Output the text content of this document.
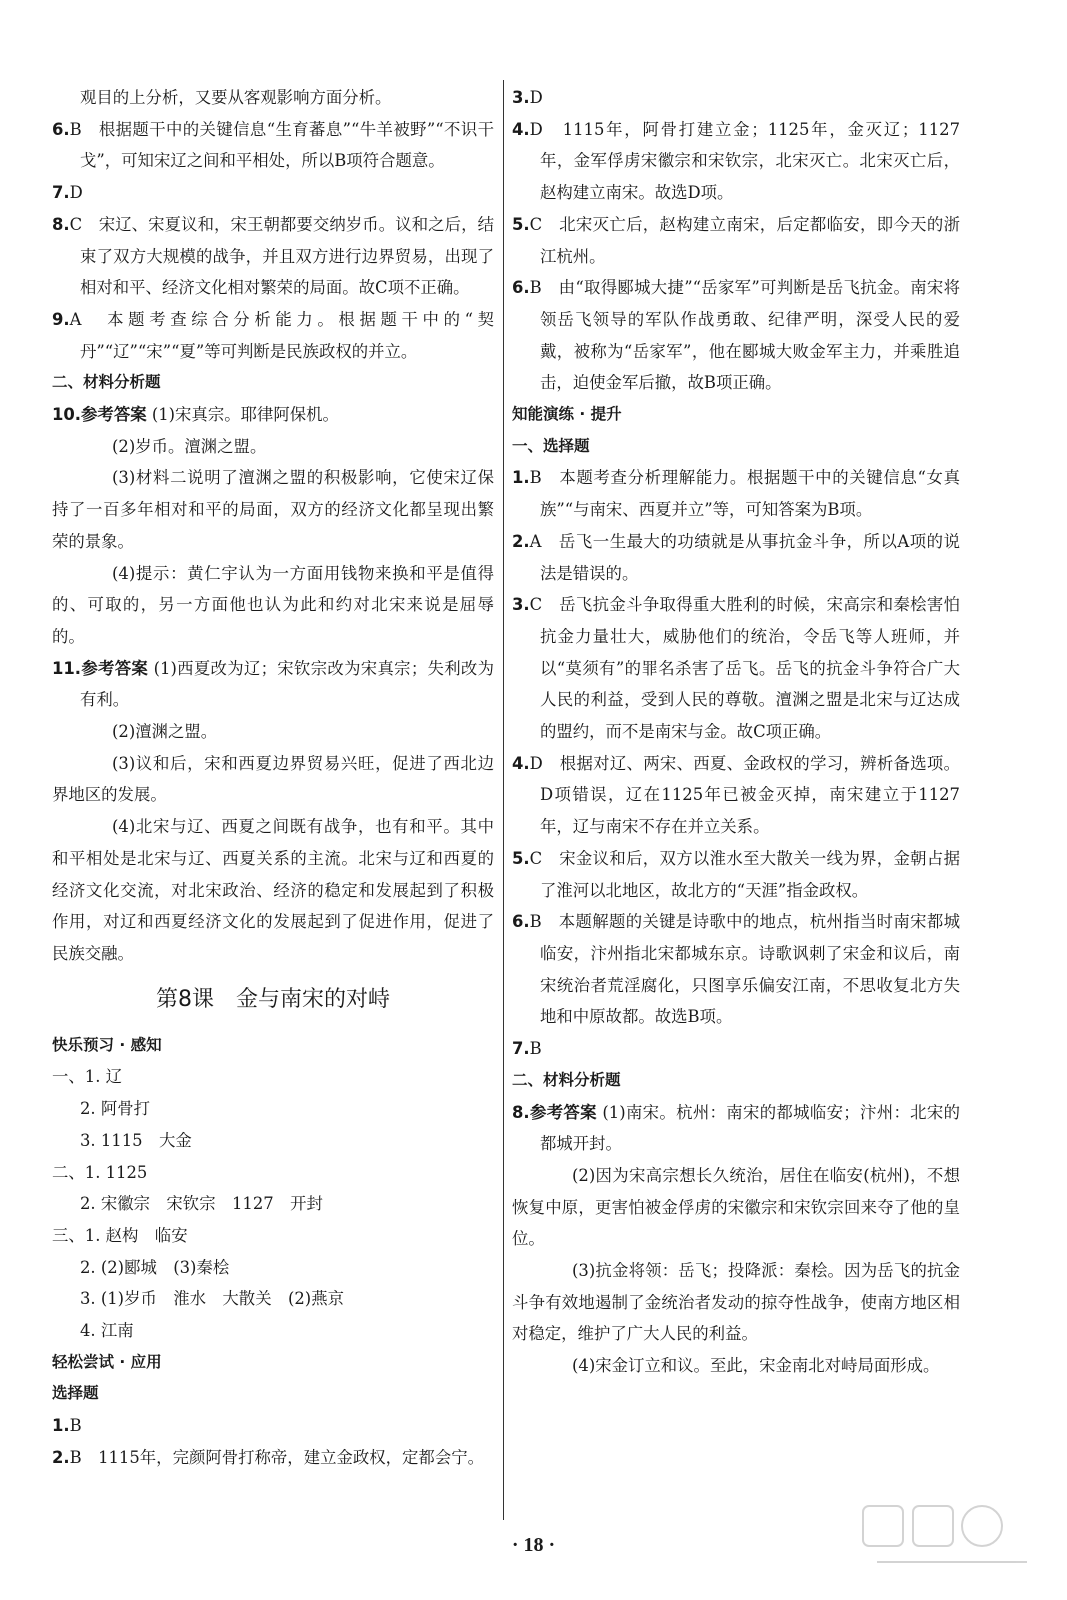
观目的上分析，又要从客观影响方面分析。

6.B　根据题干中的关键信息“生育蕃息”“牛羊被野”“不识干戈”，可知宋辽之间和平相处，所以B项符合题意。

7.D

8.C　宋辽、宋夏议和，宋王朝都要交纳岁币。议和之后，结束了双方大规模的战争，并且双方进行边界贸易，出现了相对和平、经济文化相对繁荣的局面。故C项不正确。

9.A　本题考查综合分析能力。根据题干中的“契丹”“辽”“宋”“夏”等可判断是民族政权的并立。

二、材料分析题

10.参考答案 (1)宋真宗。耶律阿保机。

(2)岁币。澶渊之盟。

(3)材料二说明了澶渊之盟的积极影响，它使宋辽保持了一百多年相对和平的局面，双方的经济文化都呈现出繁荣的景象。

(4)提示：黄仁宇认为一方面用钱物来换和平是值得的、可取的，另一方面他也认为此和约对北宋来说是屈辱的。

11.参考答案 (1)西夏改为辽；宋钦宗改为宋真宗；失利改为有利。

(2)澶渊之盟。

(3)议和后，宋和西夏边界贸易兴旺，促进了西北边界地区的发展。

(4)北宋与辽、西夏之间既有战争，也有和平。其中和平相处是北宋与辽、西夏关系的主流。北宋与辽和西夏的经济文化交流，对北宋政治、经济的稳定和发展起到了积极作用，对辽和西夏经济文化的发展起到了促进作用，促进了民族交融。

第8课　金与南宋的对峙

快乐预习 · 感知

一、1. 辽

2. 阿骨打

3. 1115　大金

二、1. 1125

2. 宋徽宗　宋钦宗　1127　开封

三、1. 赵构　临安

2. (2)郾城　(3)秦桧

3. (1)岁币　淮水　大散关　(2)燕京

4. 江南

轻松尝试 · 应用

选择题

1.B

2.B　1115年，完颜阿骨打称帝，建立金政权，定都会宁。

3.D

4.D　1115年，阿骨打建立金；1125年，金灭辽；1127年，金军俘虏宋徽宗和宋钦宗，北宋灭亡。北宋灭亡后，赵构建立南宋。故选D项。

5.C　北宋灭亡后，赵构建立南宋，后定都临安，即今天的浙江杭州。

6.B　由“取得郾城大捷”“岳家军”可判断是岳飞抗金。南宋将领岳飞领导的军队作战勇敢、纪律严明，深受人民的爱戴，被称为“岳家军”，他在郾城大败金军主力，并乘胜追击，迫使金军后撤，故B项正确。

知能演练 · 提升

一、选择题

1.B　本题考查分析理解能力。根据题干中的关键信息“女真族”“与南宋、西夏并立”等，可知答案为B项。

2.A　岳飞一生最大的功绩就是从事抗金斗争，所以A项的说法是错误的。

3.C　岳飞抗金斗争取得重大胜利的时候，宋高宗和秦桧害怕抗金力量壮大，威胁他们的统治，令岳飞等人班师，并以“莫须有”的罪名杀害了岳飞。岳飞的抗金斗争符合广大人民的利益，受到人民的尊敬。澶渊之盟是北宋与辽达成的盟约，而不是南宋与金。故C项正确。

4.D　根据对辽、两宋、西夏、金政权的学习，辨析备选项。D项错误，辽在1125年已被金灭掉，南宋建立于1127年，辽与南宋不存在并立关系。

5.C　宋金议和后，双方以淮水至大散关一线为界，金朝占据了淮河以北地区，故北方的“天涯”指金政权。

6.B　本题解题的关键是诗歌中的地点，杭州指当时南宋都城临安，汴州指北宋都城东京。诗歌讽刺了宋金和议后，南宋统治者荒淫腐化，只图享乐偏安江南，不思收复北方失地和中原故都。故选B项。

7.B

二、材料分析题

8.参考答案 (1)南宋。杭州：南宋的都城临安；汴州：北宋的都城开封。

(2)因为宋高宗想长久统治，居住在临安(杭州)，不想恢复中原，更害怕被金俘虏的宋徽宗和宋钦宗回来夺了他的皇位。

(3)抗金将领：岳飞；投降派：秦桧。因为岳飞的抗金斗争有效地遏制了金统治者发动的掠夺性战争，使南方地区相对稳定，维护了广大人民的利益。

(4)宋金订立和议。至此，宋金南北对峙局面形成。

· 18 ·
